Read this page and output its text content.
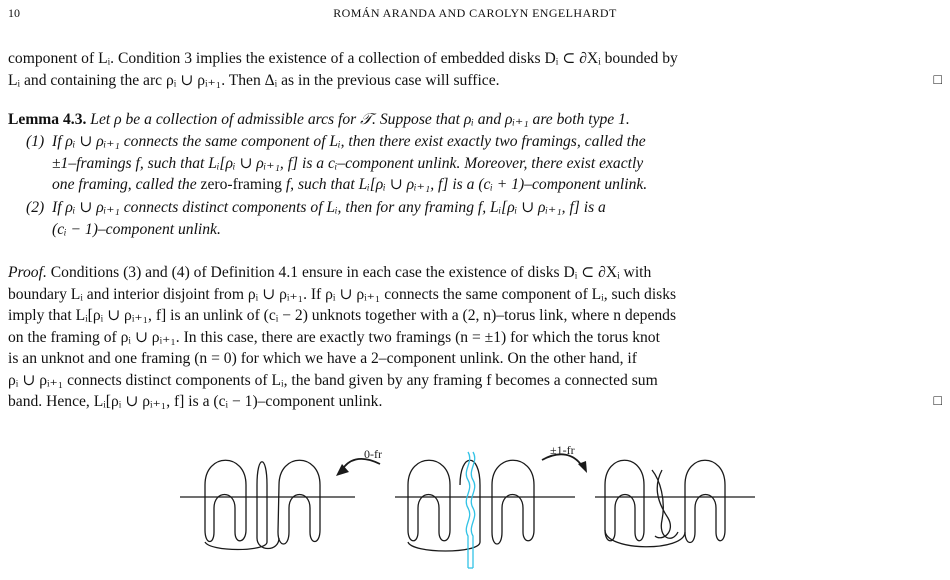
10	ROMÁN ARANDA AND CAROLYN ENGELHARDT
component of Lᵢ. Condition 3 implies the existence of a collection of embedded disks Dᵢ ⊂ ∂Xᵢ bounded by
Lᵢ and containing the arc ρᵢ ∪ ρᵢ₊₁. Then Δᵢ as in the previous case will suffice.	□
Lemma 4.3. Let ρ be a collection of admissible arcs for 𝒯. Suppose that ρᵢ and ρᵢ₊₁ are both type 1.
(1) If ρᵢ ∪ ρᵢ₊₁ connects the same component of Lᵢ, then there exist exactly two framings, called the
±1–framings f, such that Lᵢ[ρᵢ ∪ ρᵢ₊₁, f] is a cᵢ–component unlink. Moreover, there exist exactly
one framing, called the zero-framing f, such that Lᵢ[ρᵢ ∪ ρᵢ₊₁, f] is a (cᵢ + 1)–component unlink.
(2) If ρᵢ ∪ ρᵢ₊₁ connects distinct components of Lᵢ, then for any framing f, Lᵢ[ρᵢ ∪ ρᵢ₊₁, f] is a
(cᵢ − 1)–component unlink.
Proof. Conditions (3) and (4) of Definition 4.1 ensure in each case the existence of disks Dᵢ ⊂ ∂Xᵢ with
boundary Lᵢ and interior disjoint from ρᵢ ∪ ρᵢ₊₁. If ρᵢ ∪ ρᵢ₊₁ connects the same component of Lᵢ, such disks
imply that Lᵢ[ρᵢ ∪ ρᵢ₊₁, f] is an unlink of (cᵢ − 2) unknots together with a (2, n)–torus link, where n depends
on the framing of ρᵢ ∪ ρᵢ₊₁. In this case, there are exactly two framings (n = ±1) for which the torus knot
is an unknot and one framing (n = 0) for which we have a 2–component unlink. On the other hand, if
ρᵢ ∪ ρᵢ₊₁ connects distinct components of Lᵢ, the band given by any framing f becomes a connected sum
band. Hence, Lᵢ[ρᵢ ∪ ρᵢ₊₁, f] is a (cᵢ − 1)–component unlink.	□
0-fr	±1-fr
